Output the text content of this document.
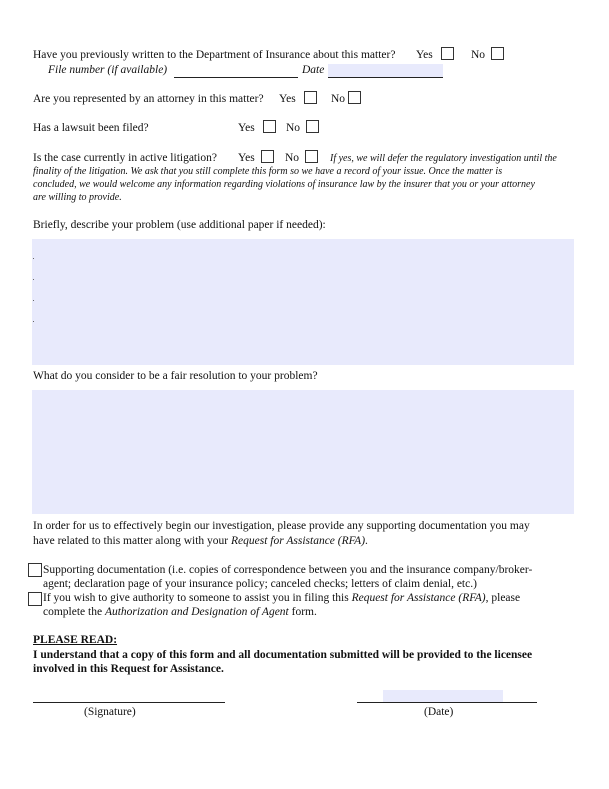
Have you previously written to the Department of Insurance about this matter? Yes	No
File number (if available)	Date
Are you represented by an attorney in this matter? Yes	No
Has a lawsuit been filed?	Yes	No
Is the case currently in active litigation? Yes	No	If yes, we will defer the regulatory investigation until the
finality of the litigation. We ask that you still complete this form so we have a record of your issue. Once the matter is
concluded, we would welcome any information regarding violations of insurance law by the insurer that you or your attorney
are willing to provide.
Briefly, describe your problem (use additional paper if needed):
What do you consider to be a fair resolution to your problem?
In order for us to effectively begin our investigation, please provide any supporting documentation you may
have related to this matter along with your Request for Assistance (RFA).
Supporting documentation (i.e. copies of correspondence between you and the insurance company/broker-
agent; declaration page of your insurance policy; canceled checks; letters of claim denial, etc.)
If you wish to give authority to someone to assist you in filing this Request for Assistance (RFA), please
complete the Authorization and Designation of Agent form.
PLEASE READ:
I understand that a copy of this form and all documentation submitted will be provided to the licensee
involved in this Request for Assistance.
(Signature)	(Date)
